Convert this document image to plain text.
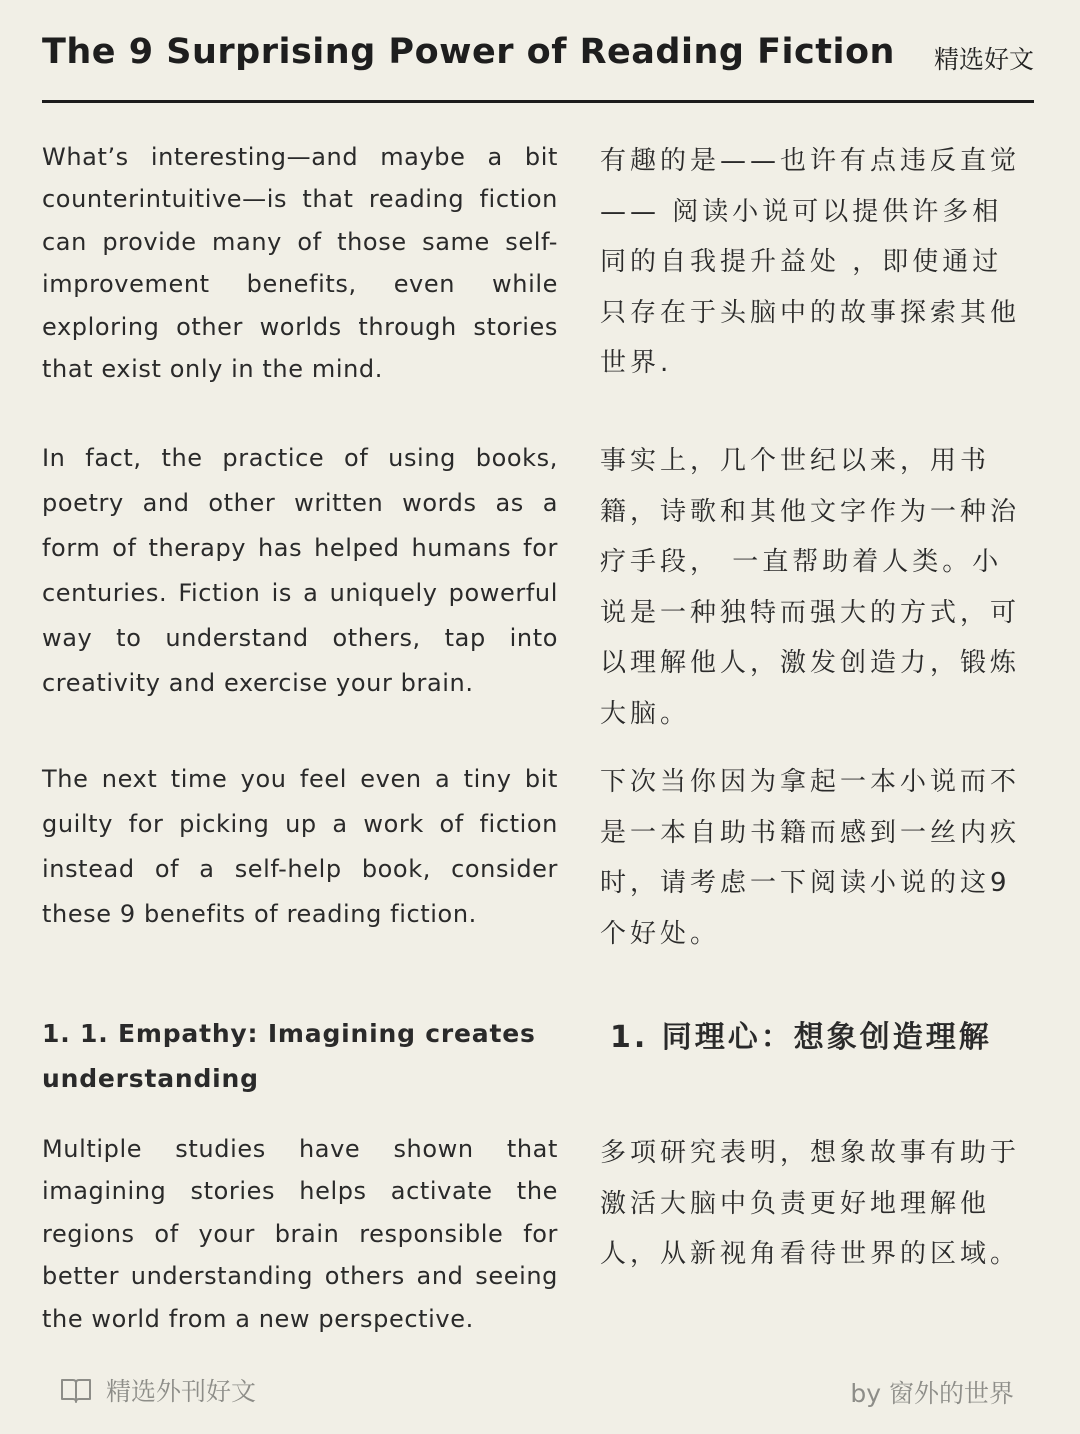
The 9 Surprising Power of Reading Fiction 精选好文

What’s interesting—and maybe a bit counterintuitive—is that reading fiction can provide many of those same self-improvement benefits, even while exploring other worlds through stories that exist only in the mind.

有趣的是——也许有点违反直觉—— 阅读小说可以提供许多相同的自我提升益处 ，即使通过只存在于头脑中的故事探索其他世界.

In fact, the practice of using books, poetry and other written words as a form of therapy has helped humans for centuries. Fiction is a uniquely powerful way to understand others, tap into creativity and exercise your brain.

事实上，几个世纪以来，用书籍，诗歌和其他文字作为一种治疗手段， 一直帮助着人类。小说是一种独特而强大的方式，可以理解他人，激发创造力，锻炼大脑。

The next time you feel even a tiny bit guilty for picking up a work of fiction instead of a self-help book, consider these 9 benefits of reading fiction.

下次当你因为拿起一本小说而不是一本自助书籍而感到一丝内疚时，请考虑一下阅读小说的这9个好处。

1. 1. Empathy: Imagining creates understanding
1. 同理心：想象创造理解

Multiple studies have shown that imagining stories helps activate the regions of your brain responsible for better understanding others and seeing the world from a new perspective.

多项研究表明，想象故事有助于激活大脑中负责更好地理解他人，从新视角看待世界的区域。

精选外刊好文	by 窗外的世界
